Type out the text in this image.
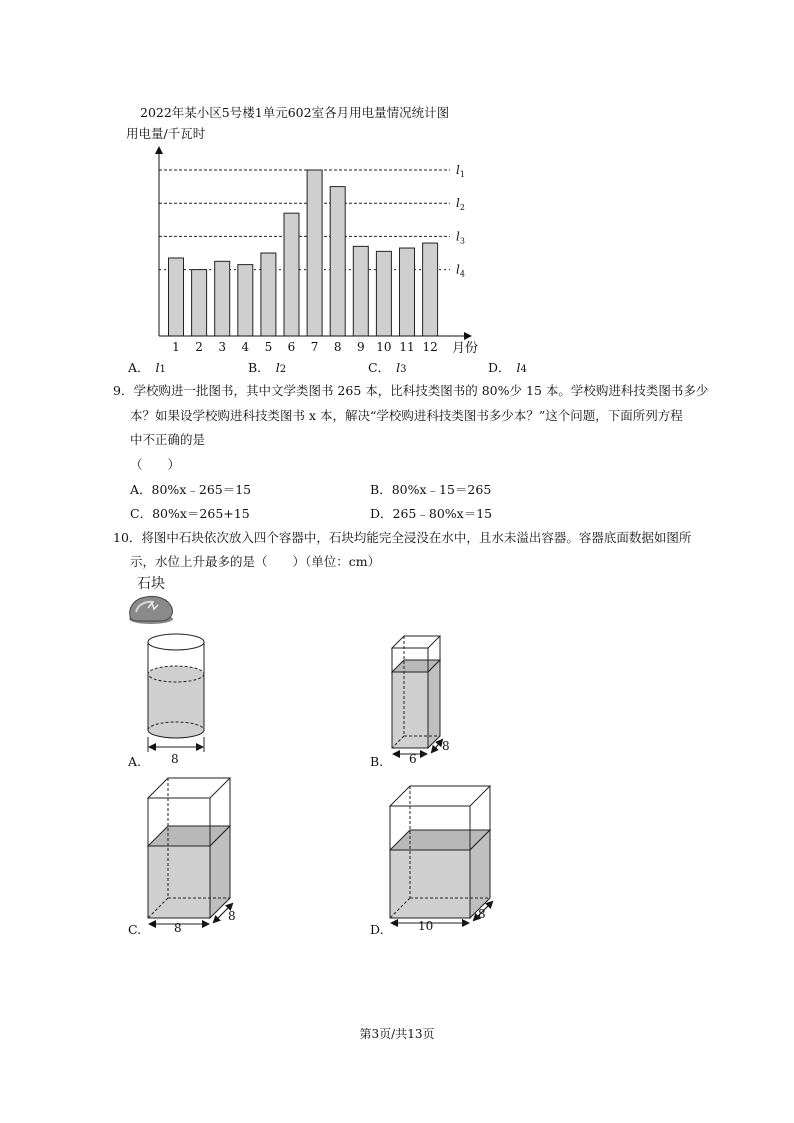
2022年某小区5号楼1单元602室各月用电量情况统计图
用电量/千瓦时
$l_1$
$l_2$
$l_3$
$l_4$
1 2 3 4 5 6 7 8 9 10 11 12 月份
A． l1	B． l2	C． l3	D． l4
9．学校购进一批图书，其中文学类图书 265 本，比科技类图书的 80%少 15 本。学校购进科技类图书多少
本？如果设学校购进科技类图书 x 本，解决“学校购进科技类图书多少本？”这个问题，下面所列方程
中不正确的是
（　　）
A．80%x﹣265＝15	B．80%x﹣15＝265
C．80%x＝265+15	D．265﹣80%x＝15
10．将图中石块依次放入四个容器中，石块均能完全浸没在水中，且水未溢出容器。容器底面数据如图所
示，水位上升最多的是（　　）（单位：cm）
石块
8
A.	6
8
B.
8
8
C.	10
8
D.
第3页/共13页
